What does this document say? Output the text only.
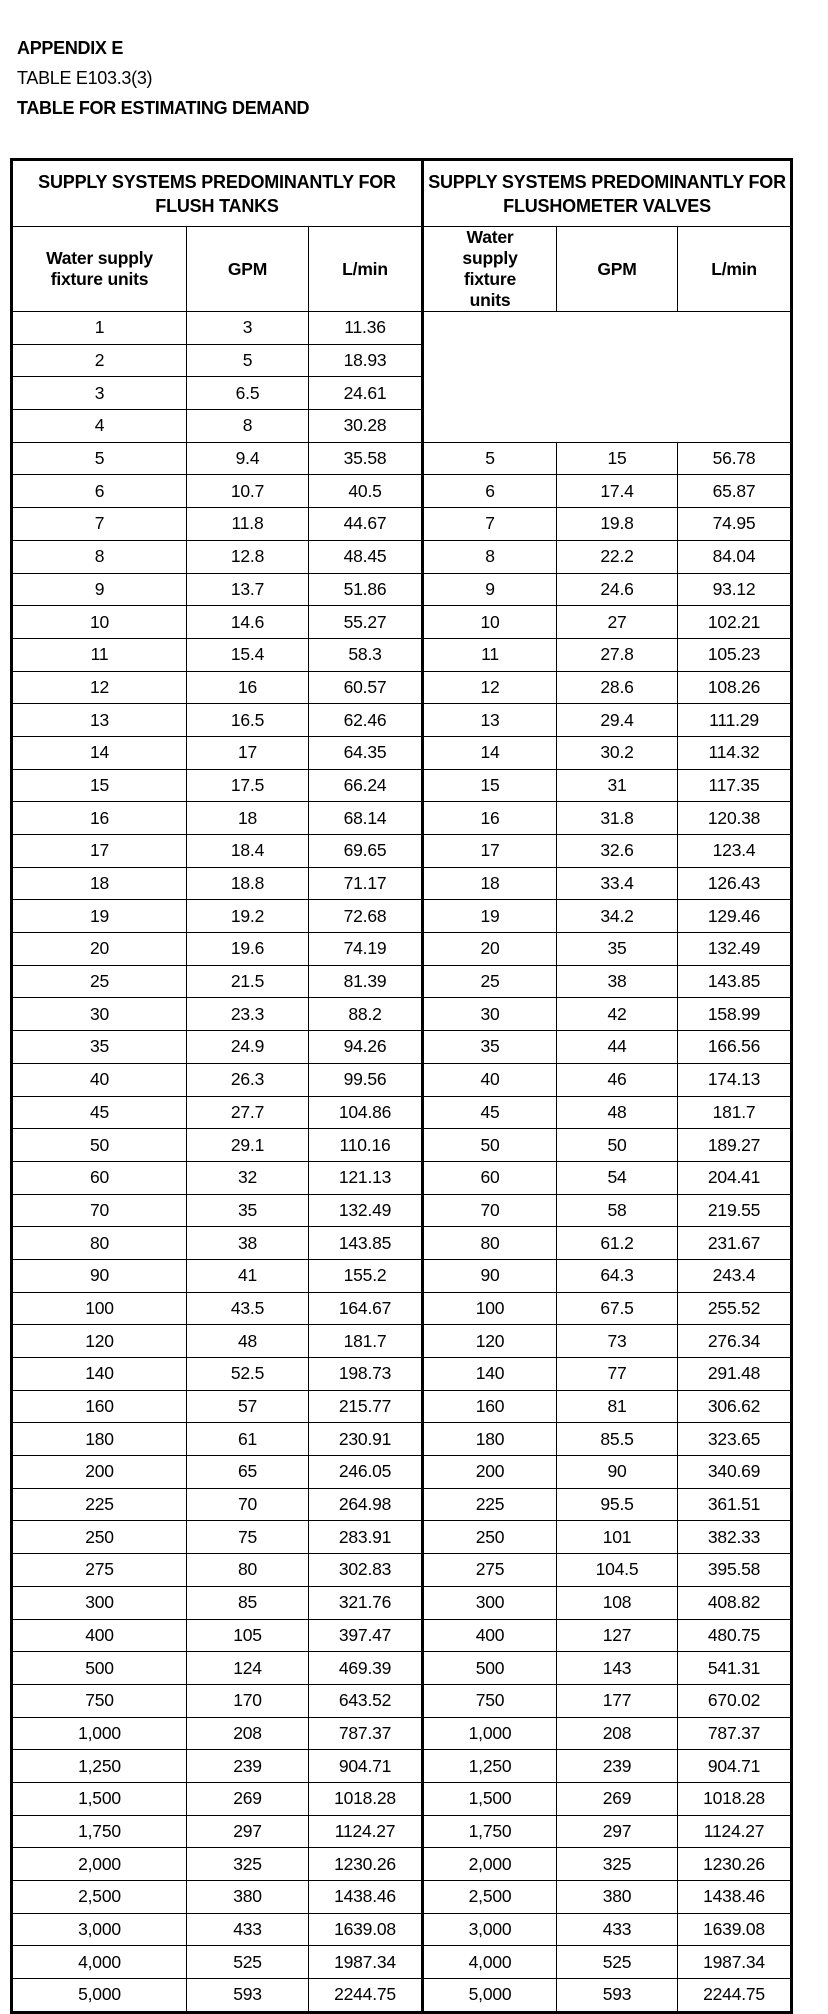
APPENDIX E
TABLE E103.3(3)
TABLE FOR ESTIMATING DEMAND
SUPPLY SYSTEMS PREDOMINANTLY FOR
FLUSH TANKS

SUPPLY SYSTEMS PREDOMINANTLY FOR
FLUSHOMETER VALVES

Water supply fixture units	GPM	L/min	Water supply fixture units	GPM	L/min
1	3	11.36			
2	5	18.93			
3	6.5	24.61			
4	8	30.28			
5	9.4	35.58	5	15	56.78
6	10.7	40.5	6	17.4	65.87
7	11.8	44.67	7	19.8	74.95
8	12.8	48.45	8	22.2	84.04
9	13.7	51.86	9	24.6	93.12
10	14.6	55.27	10	27	102.21
11	15.4	58.3	11	27.8	105.23
12	16	60.57	12	28.6	108.26
13	16.5	62.46	13	29.4	111.29
14	17	64.35	14	30.2	114.32
15	17.5	66.24	15	31	117.35
16	18	68.14	16	31.8	120.38
17	18.4	69.65	17	32.6	123.4
18	18.8	71.17	18	33.4	126.43
19	19.2	72.68	19	34.2	129.46
20	19.6	74.19	20	35	132.49
25	21.5	81.39	25	38	143.85
30	23.3	88.2	30	42	158.99
35	24.9	94.26	35	44	166.56
40	26.3	99.56	40	46	174.13
45	27.7	104.86	45	48	181.7
50	29.1	110.16	50	50	189.27
60	32	121.13	60	54	204.41
70	35	132.49	70	58	219.55
80	38	143.85	80	61.2	231.67
90	41	155.2	90	64.3	243.4
100	43.5	164.67	100	67.5	255.52
120	48	181.7	120	73	276.34
140	52.5	198.73	140	77	291.48
160	57	215.77	160	81	306.62
180	61	230.91	180	85.5	323.65
200	65	246.05	200	90	340.69
225	70	264.98	225	95.5	361.51
250	75	283.91	250	101	382.33
275	80	302.83	275	104.5	395.58
300	85	321.76	300	108	408.82
400	105	397.47	400	127	480.75
500	124	469.39	500	143	541.31
750	170	643.52	750	177	670.02
1,000	208	787.37	1,000	208	787.37
1,250	239	904.71	1,250	239	904.71
1,500	269	1018.28	1,500	269	1018.28
1,750	297	1124.27	1,750	297	1124.27
2,000	325	1230.26	2,000	325	1230.26
2,500	380	1438.46	2,500	380	1438.46
3,000	433	1639.08	3,000	433	1639.08
4,000	525	1987.34	4,000	525	1987.34
5,000	593	2244.75	5,000	593	2244.75
